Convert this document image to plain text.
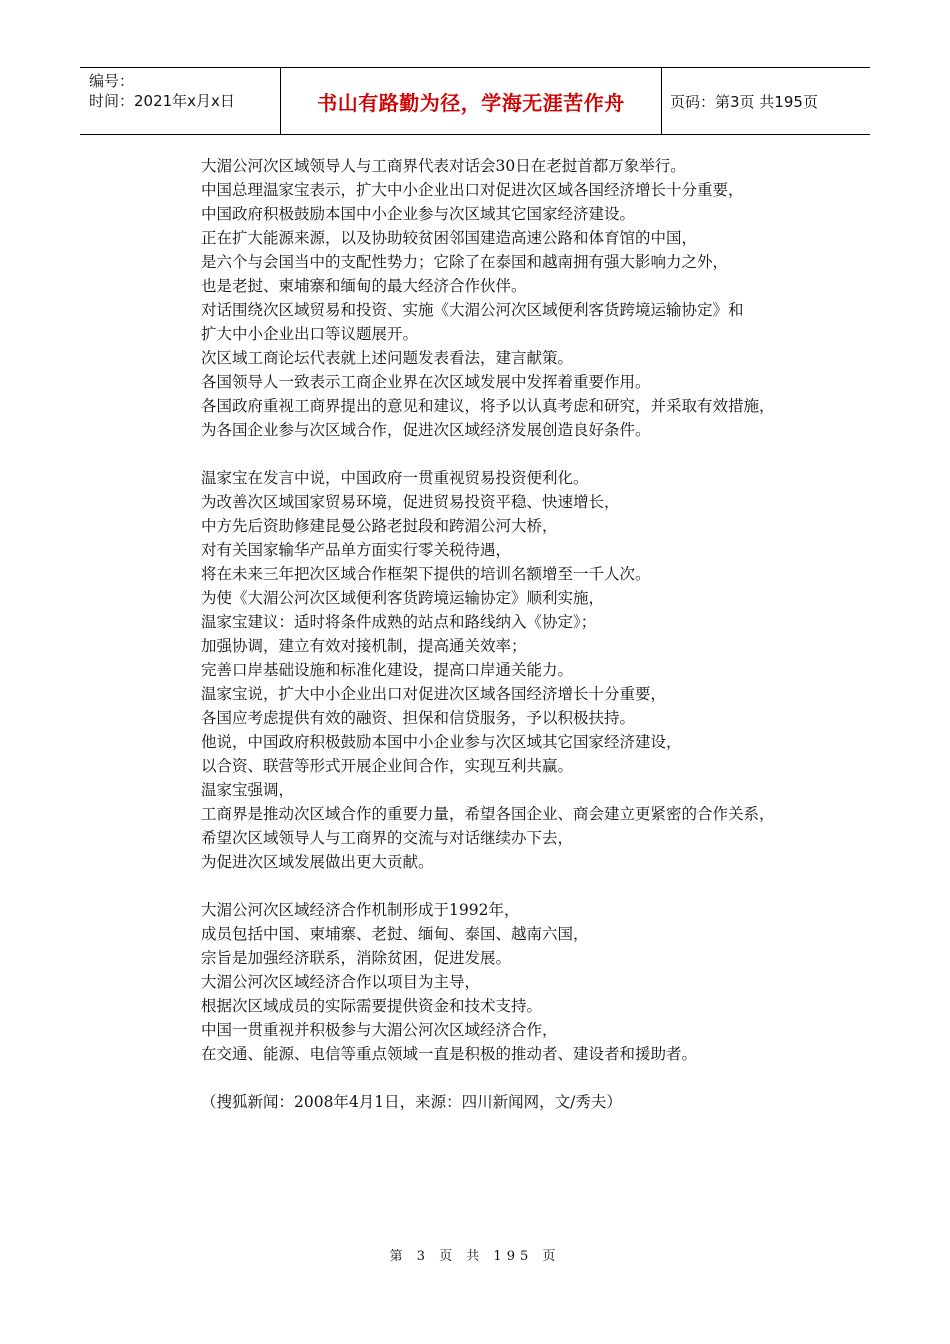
编号：
时间：2021年x月x日	书山有路勤为径，学海无涯苦作舟	页码：第3页 共195页
大湄公河次区域领导人与工商界代表对话会30日在老挝首都万象举行。
中国总理温家宝表示，扩大中小企业出口对促进次区域各国经济增长十分重要，
中国政府积极鼓励本国中小企业参与次区域其它国家经济建设。
正在扩大能源来源，以及协助较贫困邻国建造高速公路和体育馆的中国，
是六个与会国当中的支配性势力；它除了在泰国和越南拥有强大影响力之外，
也是老挝、柬埔寨和缅甸的最大经济合作伙伴。
对话围绕次区域贸易和投资、实施《大湄公河次区域便利客货跨境运输协定》和
扩大中小企业出口等议题展开。
次区域工商论坛代表就上述问题发表看法，建言献策。
各国领导人一致表示工商企业界在次区域发展中发挥着重要作用。
各国政府重视工商界提出的意见和建议，将予以认真考虑和研究，并采取有效措施，
为各国企业参与次区域合作，促进次区域经济发展创造良好条件。
温家宝在发言中说，中国政府一贯重视贸易投资便利化。
为改善次区域国家贸易环境，促进贸易投资平稳、快速增长，
中方先后资助修建昆曼公路老挝段和跨湄公河大桥，
对有关国家输华产品单方面实行零关税待遇，
将在未来三年把次区域合作框架下提供的培训名额增至一千人次。
为使《大湄公河次区域便利客货跨境运输协定》顺利实施，
温家宝建议：适时将条件成熟的站点和路线纳入《协定》；
加强协调，建立有效对接机制，提高通关效率；
完善口岸基础设施和标准化建设，提高口岸通关能力。
温家宝说，扩大中小企业出口对促进次区域各国经济增长十分重要，
各国应考虑提供有效的融资、担保和信贷服务，予以积极扶持。
他说，中国政府积极鼓励本国中小企业参与次区域其它国家经济建设，
以合资、联营等形式开展企业间合作，实现互利共赢。
温家宝强调，
工商界是推动次区域合作的重要力量，希望各国企业、商会建立更紧密的合作关系，
希望次区域领导人与工商界的交流与对话继续办下去，
为促进次区域发展做出更大贡献。
大湄公河次区域经济合作机制形成于1992年，
成员包括中国、柬埔寨、老挝、缅甸、泰国、越南六国，
宗旨是加强经济联系，消除贫困，促进发展。
大湄公河次区域经济合作以项目为主导，
根据次区域成员的实际需要提供资金和技术支持。
中国一贯重视并积极参与大湄公河次区域经济合作，
在交通、能源、电信等重点领域一直是积极的推动者、建设者和援助者。
（搜狐新闻：2008年4月1日，来源：四川新闻网，文/秀夫）
第 3 页 共 195 页
